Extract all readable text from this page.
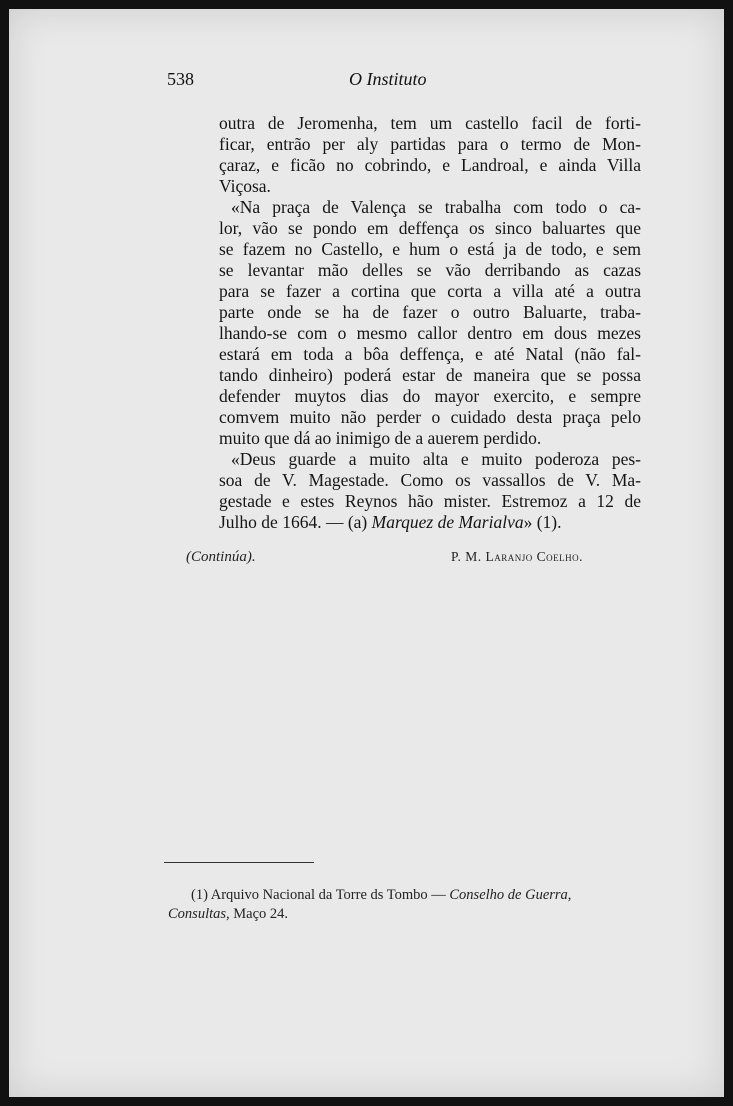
538	O Instituto
outra de Jeromenha, tem um castello facil de forti-
ficar, entrão per aly partidas para o termo de Mon-
çaraz, e ficão no cobrindo, e Landroal, e ainda Villa
Viçosa.
«Na praça de Valença se trabalha com todo o ca-
lor, vão se pondo em deffença os sinco baluartes que
se fazem no Castello, e hum o está ja de todo, e sem
se levantar mão delles se vão derribando as cazas
para se fazer a cortina que corta a villa até a outra
parte onde se ha de fazer o outro Baluarte, traba-
lhando-se com o mesmo callor dentro em dous mezes
estará em toda a bôa deffença, e até Natal (não fal-
tando dinheiro) poderá estar de maneira que se possa
defender muytos dias do mayor exercito, e sempre
comvem muito não perder o cuidado desta praça pelo
muito que dá ao inimigo de a auerem perdido.
«Deus guarde a muito alta e muito poderoza pes-
soa de V. Magestade. Como os vassallos de V. Ma-
gestade e estes Reynos hão mister. Estremoz a 12 de
Julho de 1664. — (a) Marquez de Marialva» (1).
(Continúa).	P. M. Laranjo Coelho.
(1) Arquivo Nacional da Torre ds Tombo — Conselho de Guerra,
Consultas, Maço 24.
